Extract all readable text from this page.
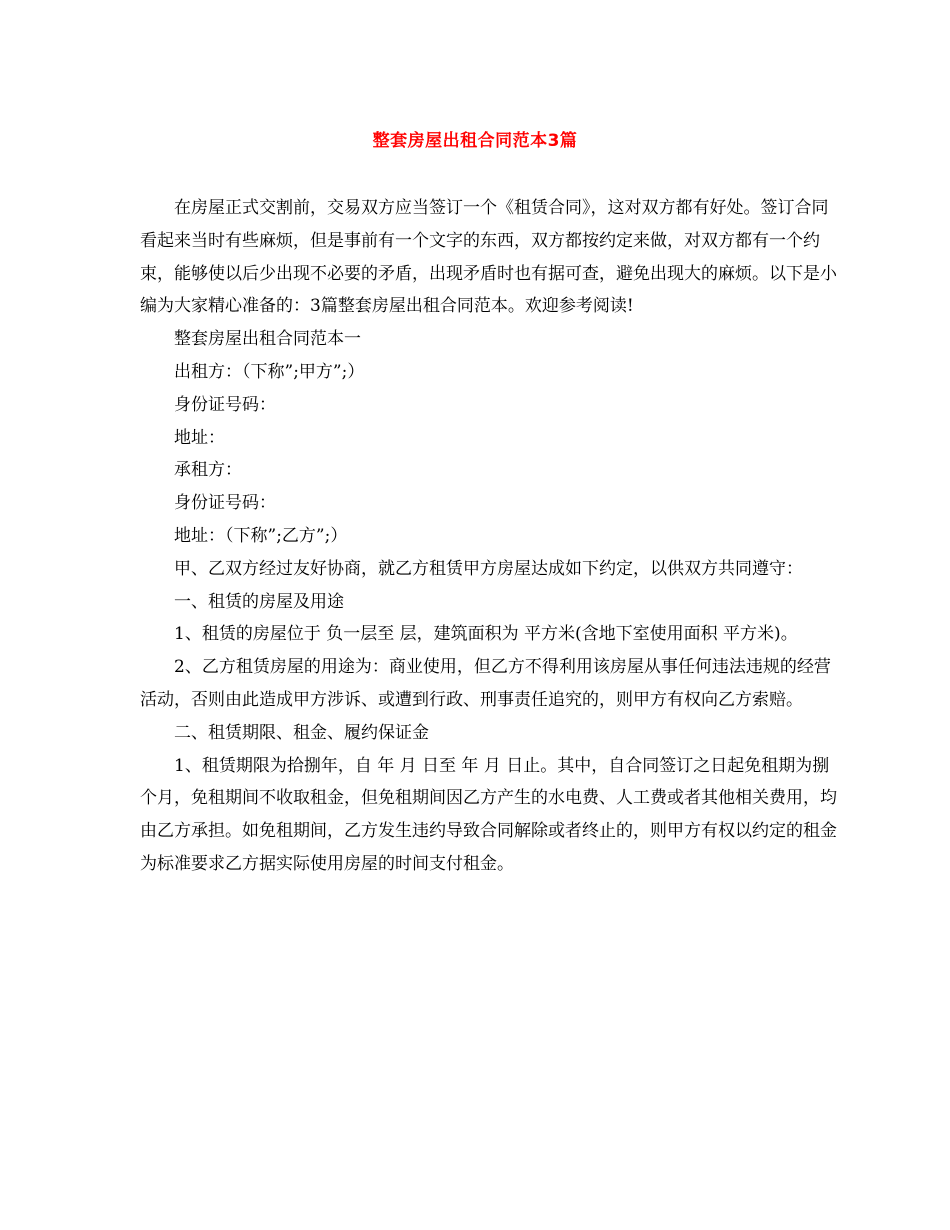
整套房屋出租合同范本3篇

在房屋正式交割前，交易双方应当签订一个《租赁合同》，这对双方都有好处。签订合同看起来当时有些麻烦，但是事前有一个文字的东西，双方都按约定来做，对双方都有一个约束，能够使以后少出现不必要的矛盾，出现矛盾时也有据可查，避免出现大的麻烦。以下是小编为大家精心准备的：3篇整套房屋出租合同范本。欢迎参考阅读!

整套房屋出租合同范本一

出租方：（下称”;甲方”;）

身份证号码：

地址：

承租方：

身份证号码：

地址：（下称”;乙方”;）

甲、乙双方经过友好协商，就乙方租赁甲方房屋达成如下约定，以供双方共同遵守：

一、租赁的房屋及用途

1、租赁的房屋位于 负一层至 层，建筑面积为 平方米(含地下室使用面积 平方米)。

2、乙方租赁房屋的用途为：商业使用，但乙方不得利用该房屋从事任何违法违规的经营活动，否则由此造成甲方涉诉、或遭到行政、刑事责任追究的，则甲方有权向乙方索赔。

二、租赁期限、租金、履约保证金

1、租赁期限为拾捌年，自 年 月 日至 年 月 日止。其中，自合同签订之日起免租期为捌个月，免租期间不收取租金，但免租期间因乙方产生的水电费、人工费或者其他相关费用，均由乙方承担。如免租期间，乙方发生违约导致合同解除或者终止的，则甲方有权以约定的租金为标准要求乙方据实际使用房屋的时间支付租金。
